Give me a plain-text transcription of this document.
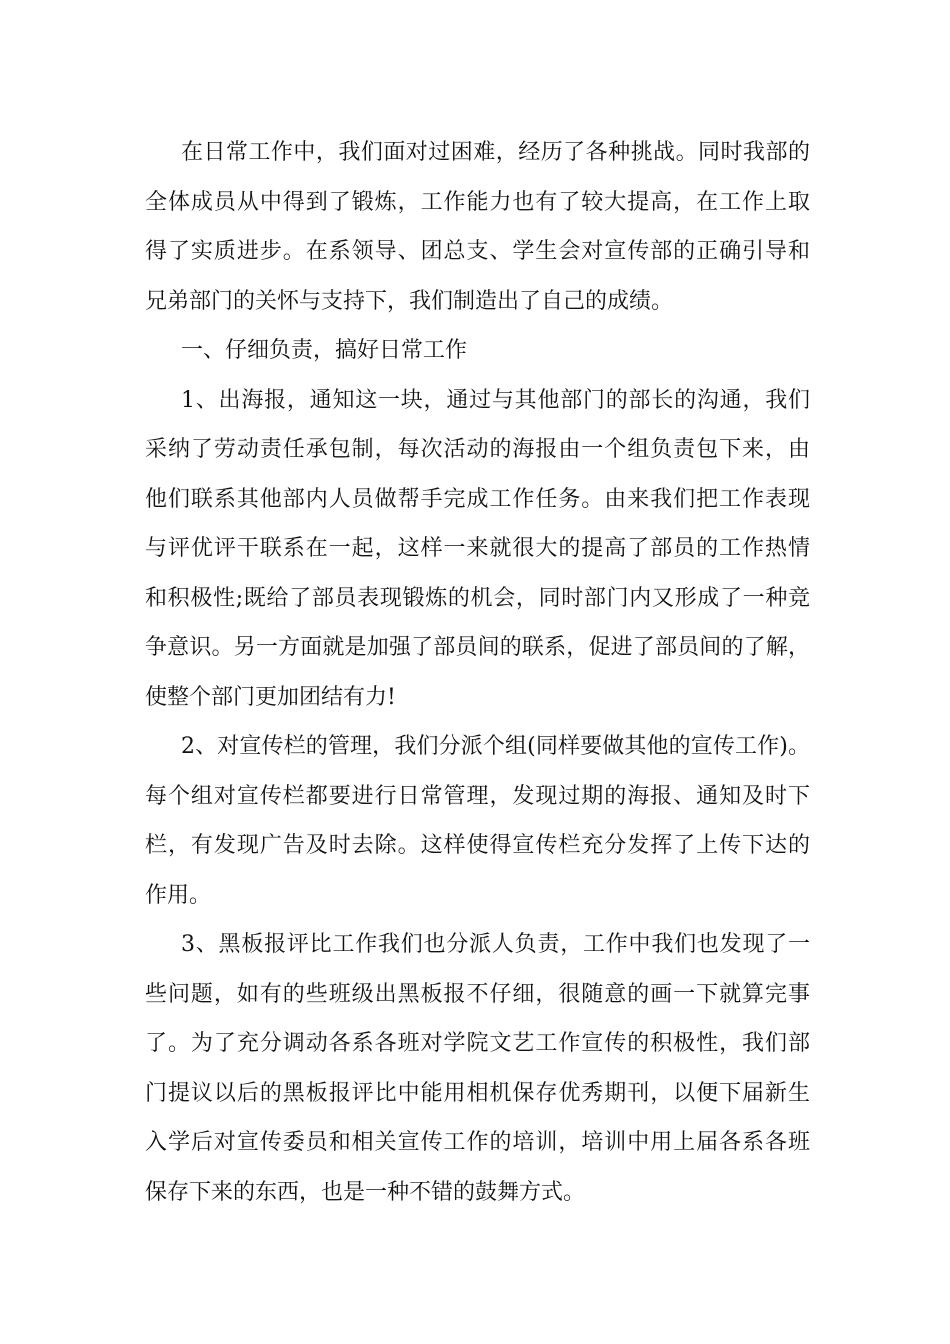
在日常工作中，我们面对过困难，经历了各种挑战。同时我部的
全体成员从中得到了锻炼，工作能力也有了较大提高，在工作上取
得了实质进步。在系领导、团总支、学生会对宣传部的正确引导和
兄弟部门的关怀与支持下，我们制造出了自己的成绩。
一、仔细负责，搞好日常工作
1、出海报，通知这一块，通过与其他部门的部长的沟通，我们
采纳了劳动责任承包制，每次活动的海报由一个组负责包下来，由
他们联系其他部内人员做帮手完成工作任务。由来我们把工作表现
与评优评干联系在一起，这样一来就很大的提高了部员的工作热情
和积极性;既给了部员表现锻炼的机会，同时部门内又形成了一种竞
争意识。另一方面就是加强了部员间的联系，促进了部员间的了解，
使整个部门更加团结有力!
2、对宣传栏的管理，我们分派个组(同样要做其他的宣传工作)。
每个组对宣传栏都要进行日常管理，发现过期的海报、通知及时下
栏，有发现广告及时去除。这样使得宣传栏充分发挥了上传下达的
作用。
3、黑板报评比工作我们也分派人负责，工作中我们也发现了一
些问题，如有的些班级出黑板报不仔细，很随意的画一下就算完事
了。为了充分调动各系各班对学院文艺工作宣传的积极性，我们部
门提议以后的黑板报评比中能用相机保存优秀期刊，以便下届新生
入学后对宣传委员和相关宣传工作的培训，培训中用上届各系各班
保存下来的东西，也是一种不错的鼓舞方式。
